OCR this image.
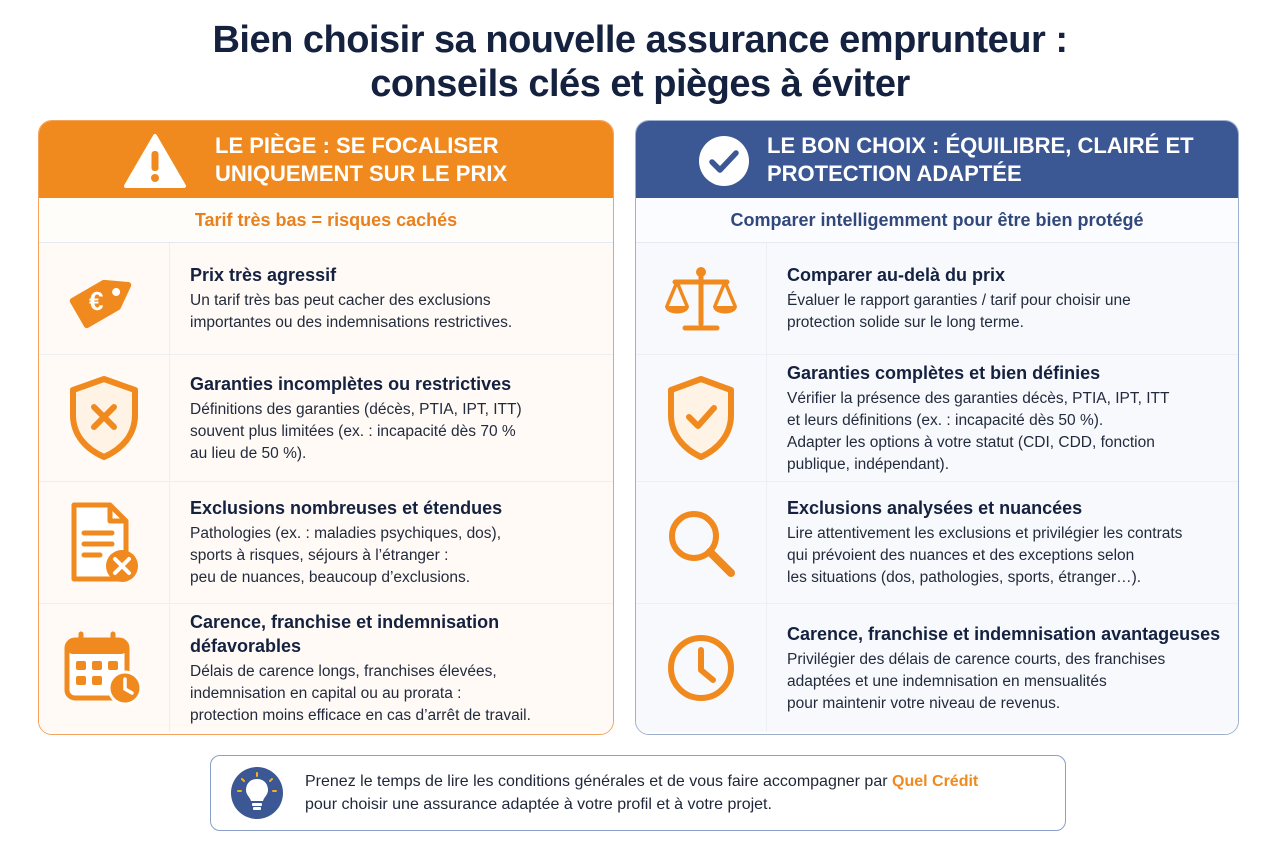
Bien choisir sa nouvelle assurance emprunteur :
conseils clés et pièges à éviter
LE PIÈGE : SE FOCALISER
UNIQUEMENT SUR LE PRIX
Tarif très bas = risques cachés
€
Prix très agressif
Un tarif très bas peut cacher des exclusions
importantes ou des indemnisations restrictives.
Garanties incomplètes ou restrictives
Définitions des garanties (décès, PTIA, IPT, ITT)
souvent plus limitées (ex. : incapacité dès 70 %
au lieu de 50 %).
Exclusions nombreuses et étendues
Pathologies (ex. : maladies psychiques, dos),
sports à risques, séjours à l’étranger :
peu de nuances, beaucoup d’exclusions.
Carence, franchise et indemnisation défavorables
Délais de carence longs, franchises élevées,
indemnisation en capital ou au prorata :
protection moins efficace en cas d’arrêt de travail.
LE BON CHOIX : ÉQUILIBRE, CLAIRÉ ET
PROTECTION ADAPTÉE
Comparer intelligemment pour être bien protégé
Comparer au-delà du prix
Évaluer le rapport garanties / tarif pour choisir une
protection solide sur le long terme.
Garanties complètes et bien définies
Vérifier la présence des garanties décès, PTIA, IPT, ITT
et leurs définitions (ex. : incapacité dès 50 %).
Adapter les options à votre statut (CDI, CDD, fonction
publique, indépendant).
Exclusions analysées et nuancées
Lire attentivement les exclusions et privilégier les contrats
qui prévoient des nuances et des exceptions selon
les situations (dos, pathologies, sports, étranger…).
Carence, franchise et indemnisation avantageuses
Privilégier des délais de carence courts, des franchises
adaptées et une indemnisation en mensualités
pour maintenir votre niveau de revenus.
Prenez le temps de lire les conditions générales et de vous faire accompagner par Quel Crédit
pour choisir une assurance adaptée à votre profil et à votre projet.
